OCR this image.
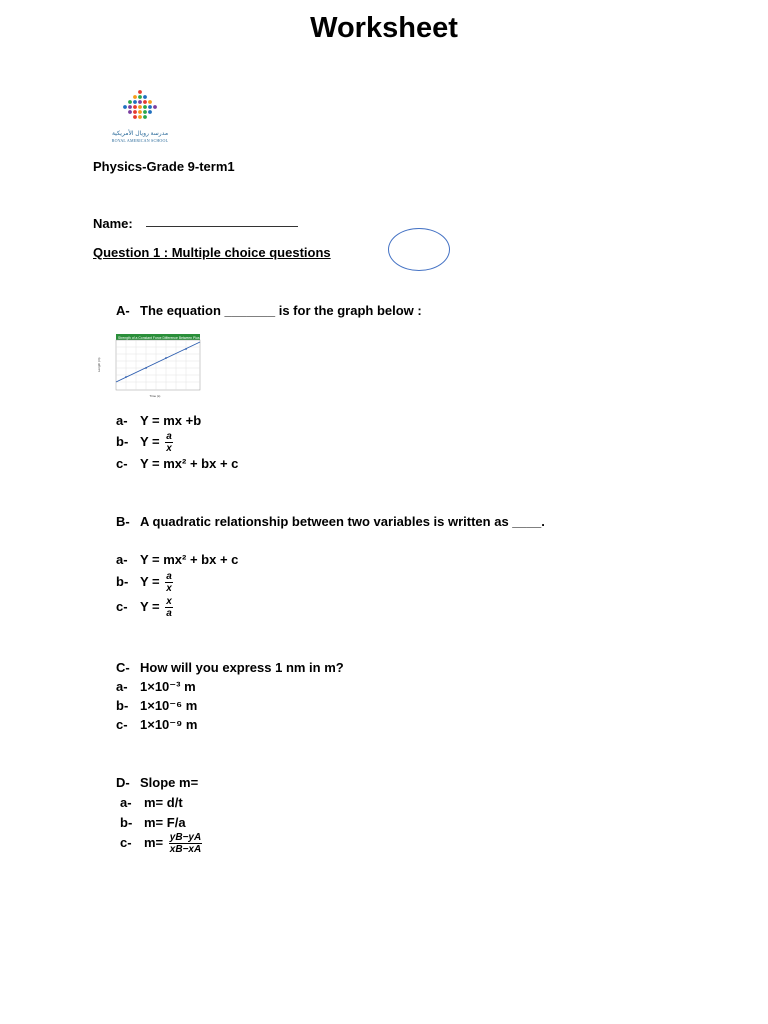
Worksheet
مدرسة رويال الأمريكية
ROYAL AMERICAN SCHOOL
Physics-Grade 9-term1
Name:
Question 1 : Multiple choice questions
A- The equation _______ is for the graph below :
Strength of a Constant Force Difference Between Plus And Time
Time (s)
Length (m)
a- Y = mx +b
b- $Y = \frac{a}{x}$
c- Y = mx² + bx + c
B- A quadratic relationship between two variables is written as ____.
a- Y = mx² + bx + c
b- $Y = \frac{a}{x}$
c- $Y = \frac{x}{a}$
C- How will you express 1 nm in m?
a- 1×10⁻³ m
b- 1×10⁻⁶ m
c- 1×10⁻⁹ m
D- Slope m=
a- m= d/t
b- m= F/a
c- $m= \frac{yB-yA}{xB-xA}$
